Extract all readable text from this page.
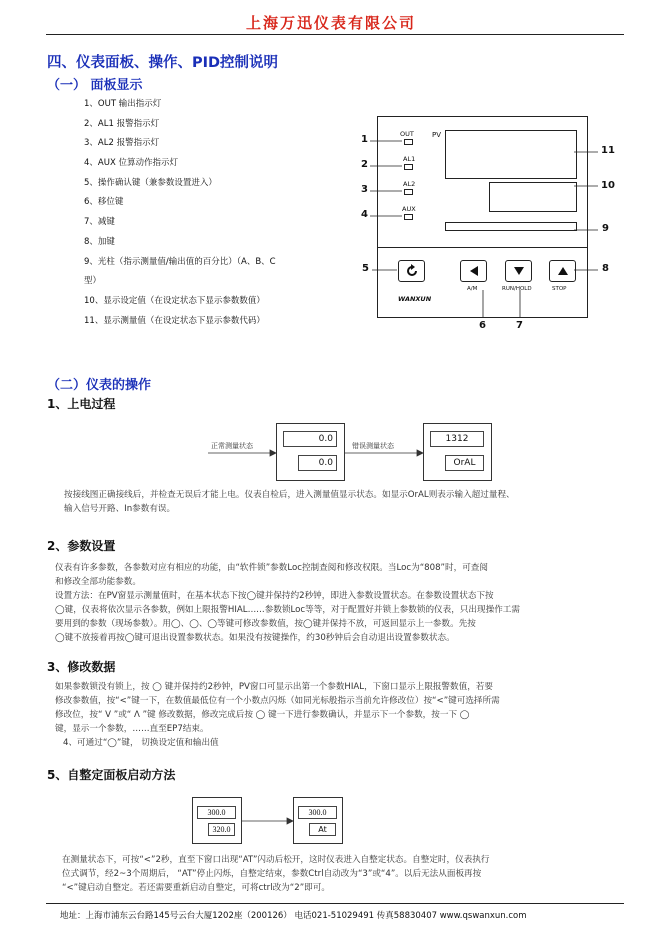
上海万迅仪表有限公司
四、仪表面板、操作、PID控制说明
（一） 面板显示
1、OUT 输出指示灯
2、AL1 报警指示灯
3、AL2 报警指示灯
4、AUX 位算动作指示灯
5、操作确认键（兼参数设置进入）
6、移位键
7、减键
8、加键
9、光柱（指示测量值/输出值的百分比）（A、B、C
型）
10、显示设定值（在设定状态下显示参数数值）
11、显示测量值（在设定状态下显示参数代码）
OUT
AL1
AL2
AUX
PV
A/M	RUN/HOLD	STOP
WANXUN
1
2
3
4
5
11
10
9
8
6	7
（二）仪表的操作
1、上电过程
正常测量状态	错误测量状态
0.0
0.0
1312
OrAL
按接线图正确接线后，并检查无误后才能上电。仪表自检后，进入测量值显示状态。如显示OrAL则表示输入超过量程、
输入信号开路、In参数有误。
2、参数设置
仪表有许多参数，各参数对应有相应的功能，由“软件锁”参数Loc控制查阅和修改权限。当Loc为“808”时，可查阅
和修改全部功能参数。
设置方法：在PV窗显示测量值时，在基本状态下按◯键并保持约2秒钟，即进入参数设置状态。在参数设置状态下按
◯键，仪表将依次显示各参数，例如上限报警HIAL……参数锁Loc等等，对于配置好并锁上参数锁的仪表，只出现操作工需
要用到的参数（现场参数）。用◯、◯、◯等键可修改参数值，按◯键并保持不放，可返回显示上一参数。先按
◯键不放接着再按◯键可退出设置参数状态。如果没有按键操作，约30秒钟后会自动退出设置参数状态。
3、修改数据
如果参数锁没有锁上，按 ◯ 键并保持约2秒钟，PV窗口可显示出第一个参数HIAL，下窗口显示上限报警数值，若要
修改参数值，按“<”键一下，在数值最低位有一个小数点闪烁（如同光标般指示当前允许修改位）按“<”键可选择所需
修改位，按“ V ”或“ Λ ”键 修改数据，修改完成后按 ◯ 键一下进行参数确认，并显示下一个参数，按一下 ◯
键，显示一个参数，……直至EP7结束。
4、可通过“◯”键， 切换设定值和输出值
5、自整定面板启动方法
300.0
320.0
300.0
At
在测量状态下，可按“<”2秒，直至下窗口出现“AT”闪动后松开，这时仪表进入自整定状态。自整定时，仪表执行
位式调节，经2~3个周期后， “AT”停止闪烁，自整定结束，参数Ctrl自动改为“3”或“4”。以后无法从面板再按
“<”键启动自整定。若还需要重新启动自整定，可将ctrl改为“2”即可。
地址：上海市浦东云台路145号云台大厦1202座（200126） 电话021-51029491 传真58830407 www.qswanxun.com
